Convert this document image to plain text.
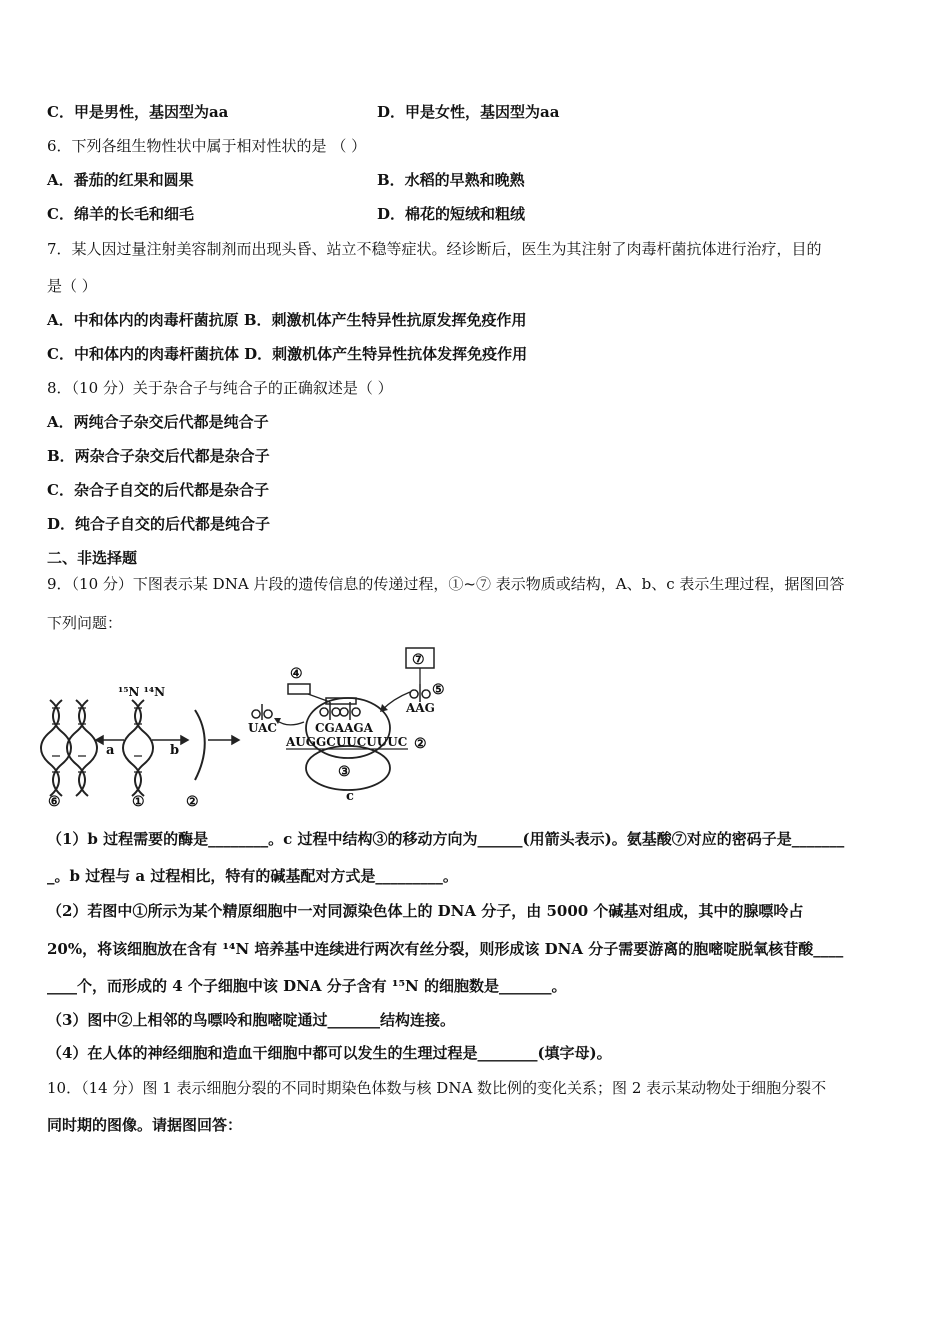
C．甲是男性，基因型为aa	D．甲是女性，基因型为aa
6．下列各组生物性状中属于相对性状的是 （ ）
A．番茄的红果和圆果	B．水稻的早熟和晚熟
C．绵羊的长毛和细毛	D．棉花的短绒和粗绒
7．某人因过量注射美容制剂而出现头昏、站立不稳等症状。经诊断后，医生为其注射了肉毒杆菌抗体进行治疗，目的
是（ ）
A．中和体内的肉毒杆菌抗原 B．刺激机体产生特异性抗原发挥免疫作用
C．中和体内的肉毒杆菌抗体 D．刺激机体产生特异性抗体发挥免疫作用
8．（10 分）关于杂合子与纯合子的正确叙述是（ ）
A．两纯合子杂交后代都是纯合子
B．两杂合子杂交后代都是杂合子
C．杂合子自交的后代都是杂合子
D．纯合子自交的后代都是纯合子
二、非选择题
9．（10 分）下图表示某 DNA 片段的遗传信息的传递过程，①~⑦ 表示物质或结构，A、b、c 表示生理过程，据图回答
下列问题：
a
¹⁵N ¹⁴N
b
⑥	①	②
③
c
④
UAC
AAG
⑦
⑤
CGAAGA
AUGGCUUCUUUC ②
（1）b 过程需要的酶是________。c 过程中结构③的移动方向为______(用箭头表示)。氨基酸⑦对应的密码子是_______
_。b 过程与 a 过程相比，特有的碱基配对方式是_________。
（2）若图中①所示为某个精原细胞中一对同源染色体上的 DNA 分子，由 5000 个碱基对组成，其中的腺嘌呤占
20%，将该细胞放在含有 ¹⁴N 培养基中连续进行两次有丝分裂，则形成该 DNA 分子需要游离的胞嘧啶脱氧核苷酸____
____个，而形成的 4 个子细胞中该 DNA 分子含有 ¹⁵N 的细胞数是_______。
（3）图中②上相邻的鸟嘌呤和胞嘧啶通过_______结构连接。
（4）在人体的神经细胞和造血干细胞中都可以发生的生理过程是________(填字母)。
10．（14 分）图 1 表示细胞分裂的不同时期染色体数与核 DNA 数比例的变化关系；图 2 表示某动物处于细胞分裂不
同时期的图像。请据图回答：
